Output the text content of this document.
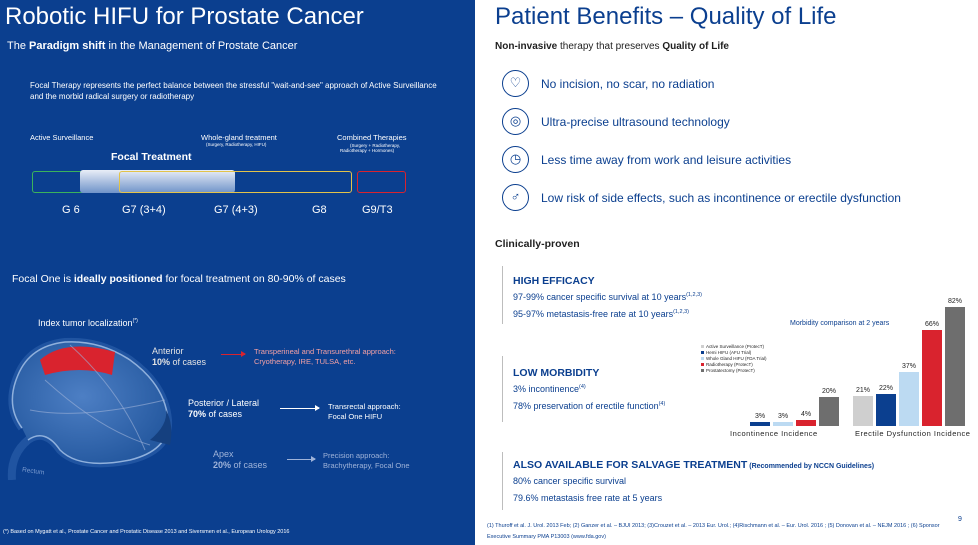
Robotic HIFU for Prostate Cancer
The Paradigm shift in the Management of Prostate Cancer
Focal Therapy represents the perfect balance between the stressful "wait-and-see" approach of Active Surveillance and the morbid radical surgery or radiotherapy
Active Surveillance	Whole-gland treatment
(Surgery, Radiotherapy, HIFU)
Combined Therapies
(Surgery + Radiotherapy,
Radiotherapy + Hormones)
Focal Treatment
G 6	G7 (3+4)	G7 (4+3)	G8	G9/T3
Focal One is ideally positioned for focal treatment on 80-90% of cases
Index tumor localization(*)
Rectum
Anterior
10% of cases
Transperineal and Transurethral approach:
Cryotherapy, IRE, TULSA, etc.
Posterior / Lateral
70% of cases
Transrectal approach:
Focal One HIFU
Apex
20% of cases
Precision approach:
Brachytherapy, Focal One
(*) Based on Mygatt et al., Prostate Cancer and Prostatic Disease 2013 and Siversmen et al., European Urology 2016
Patient Benefits – Quality of Life
Non-invasive therapy that preserves Quality of Life
♡	No incision, no scar, no radiation
◎	Ultra-precise ultrasound technology
◷	Less time away from work and leisure activities
♂	Low risk of side effects, such as incontinence or erectile dysfunction
Clinically-proven
HIGH EFFICACY
97-99% cancer specific survival at 10 years$^{(1,2,3)}$
95-97% metastasis-free rate at 10 years$^{(1,2,3)}$
LOW MORBIDITY
3% incontinence$^{(4)}$
78% preservation of erectile function$^{(4)}$
Morbidity comparison at 2 years
Active Surveillance (ProtecT)
Hemi HIFU (AFU Trial)
Whole Gland HIFU (FDA Trial)
Radiotherapy (ProtecT)
Prostatectomy (ProtecT)
3%	3%	4%
20%	21%	22%
37%
66%
82%
Incontinence Incidence	Erectile Dysfunction Incidence
ALSO AVAILABLE FOR SALVAGE TREATMENT (Recommended by NCCN Guidelines)
80% cancer specific survival
79.6% metastasis free rate at 5 years
9
(1) Thuroff et al. J. Urol. 2013 Feb; (2) Ganzer et al. – BJUI 2013; (3)Crouzet et al. – 2013 Eur. Urol.; (4)Rischmann et al. – Eur. Urol. 2016 ; (5) Donovan et al. – NEJM 2016 ; (6) Sponsor Executive Summary PMA P13003 (www.fda.gov)
